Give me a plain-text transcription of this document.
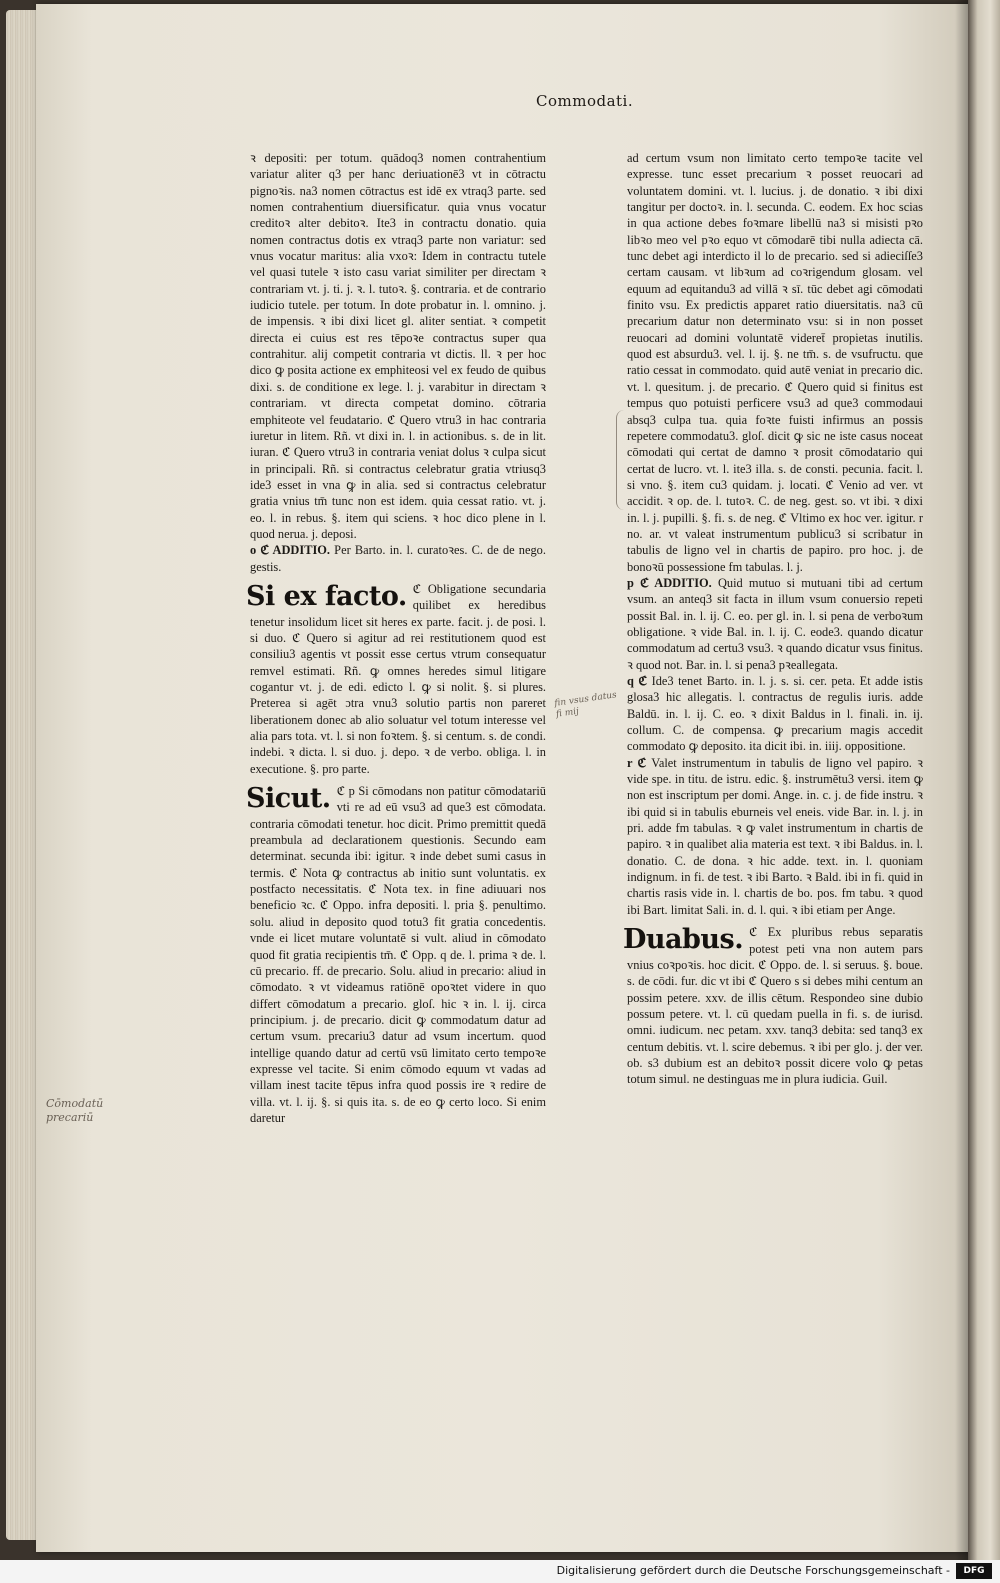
Commodati.

ꝛ depositi: per totum. quādoq3 nomen contrahentium variatur aliter q3 per hanc deriuationē3 vt in cōtractu pignoꝛis. na3 nomen cōtractus est idē ex vtraq3 parte. sed nomen contrahentium diuersificatur. quia vnus vocatur creditoꝛ alter debitoꝛ. Ite3 in contractu donatio. quia nomen contractus dotis ex vtraq3 parte non variatur: sed vnus vocatur maritus: alia vxoꝛ: Idem in contractu tutele vel quasi tutele ꝛ isto casu variat similiter per directam ꝛ contrariam vt. j. ti. j. ꝛ. l. tutoꝛ. §. contraria. et de contrario iudicio tutele. per totum. In dote probatur in. l. omnino. j. de impensis. ꝛ ibi dixi licet gl. aliter sentiat. ꝛ competit directa ei cuius est res tēpoꝛe contractus super qua contrahitur. alij competit contraria vt dictis. ll. ꝛ per hoc dico ꝙ posita actione ex emphiteosi vel ex feudo de quibus dixi. s. de conditione ex lege. l. j. varabitur in directam ꝛ contrariam. vt directa competat domino. cōtraria emphiteote vel feudatario. ℭ Quero vtru3 in hac contraria iuretur in litem. Rñ. vt dixi in. l. in actionibus. s. de in lit. iuran. ℭ Quero vtru3 in contraria veniat dolus ꝛ culpa sicut in principali. Rñ. si contractus celebratur gratia vtriusq3 ide3 esset in vna ꝙ in alia. sed si contractus celebratur gratia vnius tm̄ tunc non est idem. quia cessat ratio. vt. j. eo. l. in rebus. §. item qui sciens. ꝛ hoc dico plene in l. quod nerua. j. deposi.

o ℭ ADDITIO. Per Barto. in. l. curatoꝛes. C. de de nego. gestis.

Si ex facto. ℭ Obligatione secundaria quilibet ex heredibus tenetur insolidum licet sit heres ex parte. facit. j. de posi. l. si duo. ℭ Quero si agitur ad rei restitutionem quod est consiliu3 agentis vt possit esse certus vtrum consequatur remvel estimati. Rñ. ꝙ omnes heredes simul litigare cogantur vt. j. de edi. edicto l. ꝙ si nolit. §. si plures. Preterea si agēt ɔtra vnu3 solutio partis non pareret liberationem donec ab alio soluatur vel totum interesse vel alia pars tota. vt. l. si non foꝛtem. §. si centum. s. de condi. indebi. ꝛ dicta. l. si duo. j. depo. ꝛ de verbo. obliga. l. in executione. §. pro parte.

Sicut. ℭ p Si cōmodans non patitur cōmodatariū vti re ad eū vsu3 ad que3 est cōmodata. contraria cōmodati tenetur. hoc dicit. Primo premittit quedā preambula ad declarationem questionis. Secundo eam determinat. secunda ibi: igitur. ꝛ inde debet sumi casus in termis. ℭ Nota ꝙ contractus ab initio sunt voluntatis. ex postfacto necessitatis. ℭ Nota tex. in fine adiuuari nos beneficio ꝛc. ℭ Oppo. infra depositi. l. pria §. penultimo. solu. aliud in deposito quod totu3 fit gratia concedentis. vnde ei licet mutare voluntatē si vult. aliud in cōmodato quod fit gratia recipientis tm̄. ℭ Opp. q de. l. prima ꝛ de. l. cū precario. ff. de precario. Solu. aliud in precario: aliud in cōmodato. ꝛ vt videamus ratiōnē opoꝛtet videre in quo differt cōmodatum a precario. gloſ. hic ꝛ in. l. ij. circa principium. j. de precario. dicit ꝙ commodatum datur ad certum vsum. precariu3 datur ad vsum incertum. quod intellige quando datur ad certū vsū limitato certo tempoꝛe expresse vel tacite. Si enim cōmodo equum vt vadas ad villam inest tacite tēpus infra quod possis ire ꝛ redire de villa. vt. l. ij. §. si quis ita. s. de eo ꝙ certo loco. Si enim daretur

ad certum vsum non limitato certo tempoꝛe tacite vel expresse. tunc esset precarium ꝛ posset reuocari ad voluntatem domini. vt. l. lucius. j. de donatio. ꝛ ibi dixi tangitur per doctoꝛ. in. l. secunda. C. eodem. Ex hoc scias in qua actione debes foꝛmare libellū na3 si misisti pꝛo libꝛo meo vel pꝛo equo vt cōmodarē tibi nulla adiecta cā. tunc debet agi interdicto il lo de precario. sed si adieciſſe3 certam causam. vt libꝛum ad coꝛrigendum glosam. vel equum ad equitandu3 ad villā ꝛ sī. tūc debet agi cōmodati finito vsu. Ex predictis apparet ratio diuersitatis. na3 cū precarium datur non determinato vsu: si in non posset reuocari ad domini voluntatē videret̄ propietas inutilis. quod est absurdu3. vel. l. ij. §. ne tm̄. s. de vsufructu. que ratio cessat in commodato. quid autē veniat in precario dic. vt. l. quesitum. j. de precario. ℭ Quero quid si finitus est tempus quo potuisti perficere vsu3 ad que3 commodaui absq3 culpa tua. quia foꝛte fuisti infirmus an possis repetere commodatu3. gloſ. dicit ꝙ sic ne iste casus noceat cōmodati qui certat de damno ꝛ prosit cōmodatario qui certat de lucro. vt. l. ite3 illa. s. de consti. pecunia. facit. l. si vno. §. item cu3 quidam. j. locati. ℭ Venio ad ver. vt accidit. ꝛ op. de. l. tutoꝛ. C. de neg. gest. so. vt ibi. ꝛ dixi in. l. j. pupilli. §. fi. s. de neg. ℭ Vltimo ex hoc ver. igitur. r no. ar. vt valeat instrumentum publicu3 si scribatur in tabulis de ligno vel in chartis de papiro. pro hoc. j. de bonoꝛū possessione fm tabulas. l. j.

p ℭ ADDITIO. Quid mutuo si mutuani tibi ad certum vsum. an anteq3 sit facta in illum vsum conuersio repeti possit Bal. in. l. ij. C. eo. per gl. in. l. si pena de verboꝛum obligatione. ꝛ vide Bal. in. l. ij. C. eode3. quando dicatur commodatum ad certu3 vsu3. ꝛ quando dicatur vsus finitus. ꝛ quod not. Bar. in. l. si pena3 pꝛeallegata.

q ℭ Ide3 tenet Barto. in. l. j. s. si. cer. peta. Et adde istis glosa3 hic allegatis. l. contractus de regulis iuris. adde Baldū. in. l. ij. C. eo. ꝛ dixit Baldus in l. finali. in. ij. collum. C. de compensa. ꝙ precarium magis accedit commodato ꝙ deposito. ita dicit ibi. in. iiij. oppositione.

r ℭ Valet instrumentum in tabulis de ligno vel papiro. ꝛ vide spe. in titu. de istru. edic. §. instrumētu3 versi. item ꝙ non est inscriptum per domi. Ange. in. c. j. de fide instru. ꝛ ibi quid si in tabulis eburneis vel eneis. vide Bar. in. l. j. in pri. adde fm tabulas. ꝛ ꝙ valet instrumentum in chartis de papiro. ꝛ in qualibet alia materia est text. ꝛ ibi Baldus. in. l. donatio. C. de dona. ꝛ hic adde. text. in. l. quoniam indignum. in fi. de test. ꝛ ibi Barto. ꝛ Bald. ibi in fi. quid in chartis rasis vide in. l. chartis de bo. pos. fm tabu. ꝛ quod ibi Bart. limitat Sali. in. d. l. qui. ꝛ ibi etiam per Ange.

Duabus. ℭ Ex pluribus rebus separatis potest peti vna non autem pars vnius coꝛpoꝛis. hoc dicit. ℭ Oppo. de. l. si seruus. §. boue. s. de cōdi. fur. dic vt ibi ℭ Quero s si debes mihi centum an possim petere. xxv. de illis cētum. Respondeo sine dubio possum petere. vt. l. cū quedam puella in fi. s. de iurisd. omni. iudicum. nec petam. xxv. tanq3 debita: sed tanq3 ex centum debitis. vt. l. scire debemus. ꝛ ibi per glo. j. der ver. ob. s3 dubium est an debitoꝛ possit dicere volo ꝙ petas totum simul. ne destinguas me in plura iudicia. Guil.

Cōmodatū precariū
fin vsus datus fi mij
Digitalisierung gefördert durch die Deutsche Forschungsgemeinschaft -	DFG
